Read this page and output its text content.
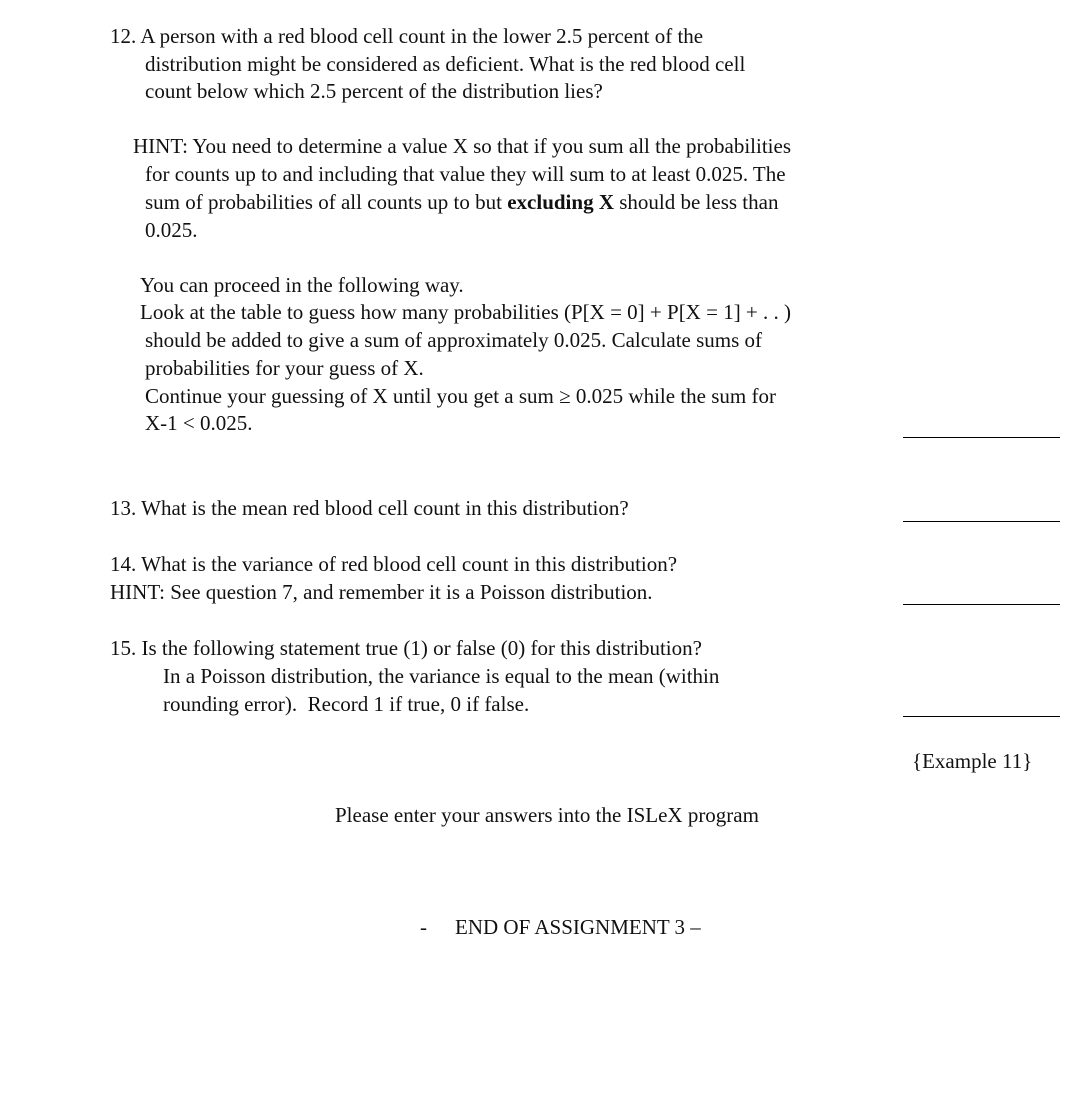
12. A person with a red blood cell count in the lower 2.5 percent of the
distribution might be considered as deficient. What is the red blood cell
count below which 2.5 percent of the distribution lies?
HINT: You need to determine a value X so that if you sum all the probabilities
for counts up to and including that value they will sum to at least 0.025. The
sum of probabilities of all counts up to but excluding X should be less than
0.025.
You can proceed in the following way.
Look at the table to guess how many probabilities (P[X = 0] + P[X = 1] + . . )
should be added to give a sum of approximately 0.025. Calculate sums of
probabilities for your guess of X.
Continue your guessing of X until you get a sum ≥ 0.025 while the sum for
X-1 < 0.025.
13. What is the mean red blood cell count in this distribution?
14. What is the variance of red blood cell count in this distribution?
HINT: See question 7, and remember it is a Poisson distribution.
15. Is the following statement true (1) or false (0) for this distribution?
In a Poisson distribution, the variance is equal to the mean (within
rounding error).  Record 1 if true, 0 if false.
{Example 11}
Please enter your answers into the ISLeX program
- END OF ASSIGNMENT 3 –
